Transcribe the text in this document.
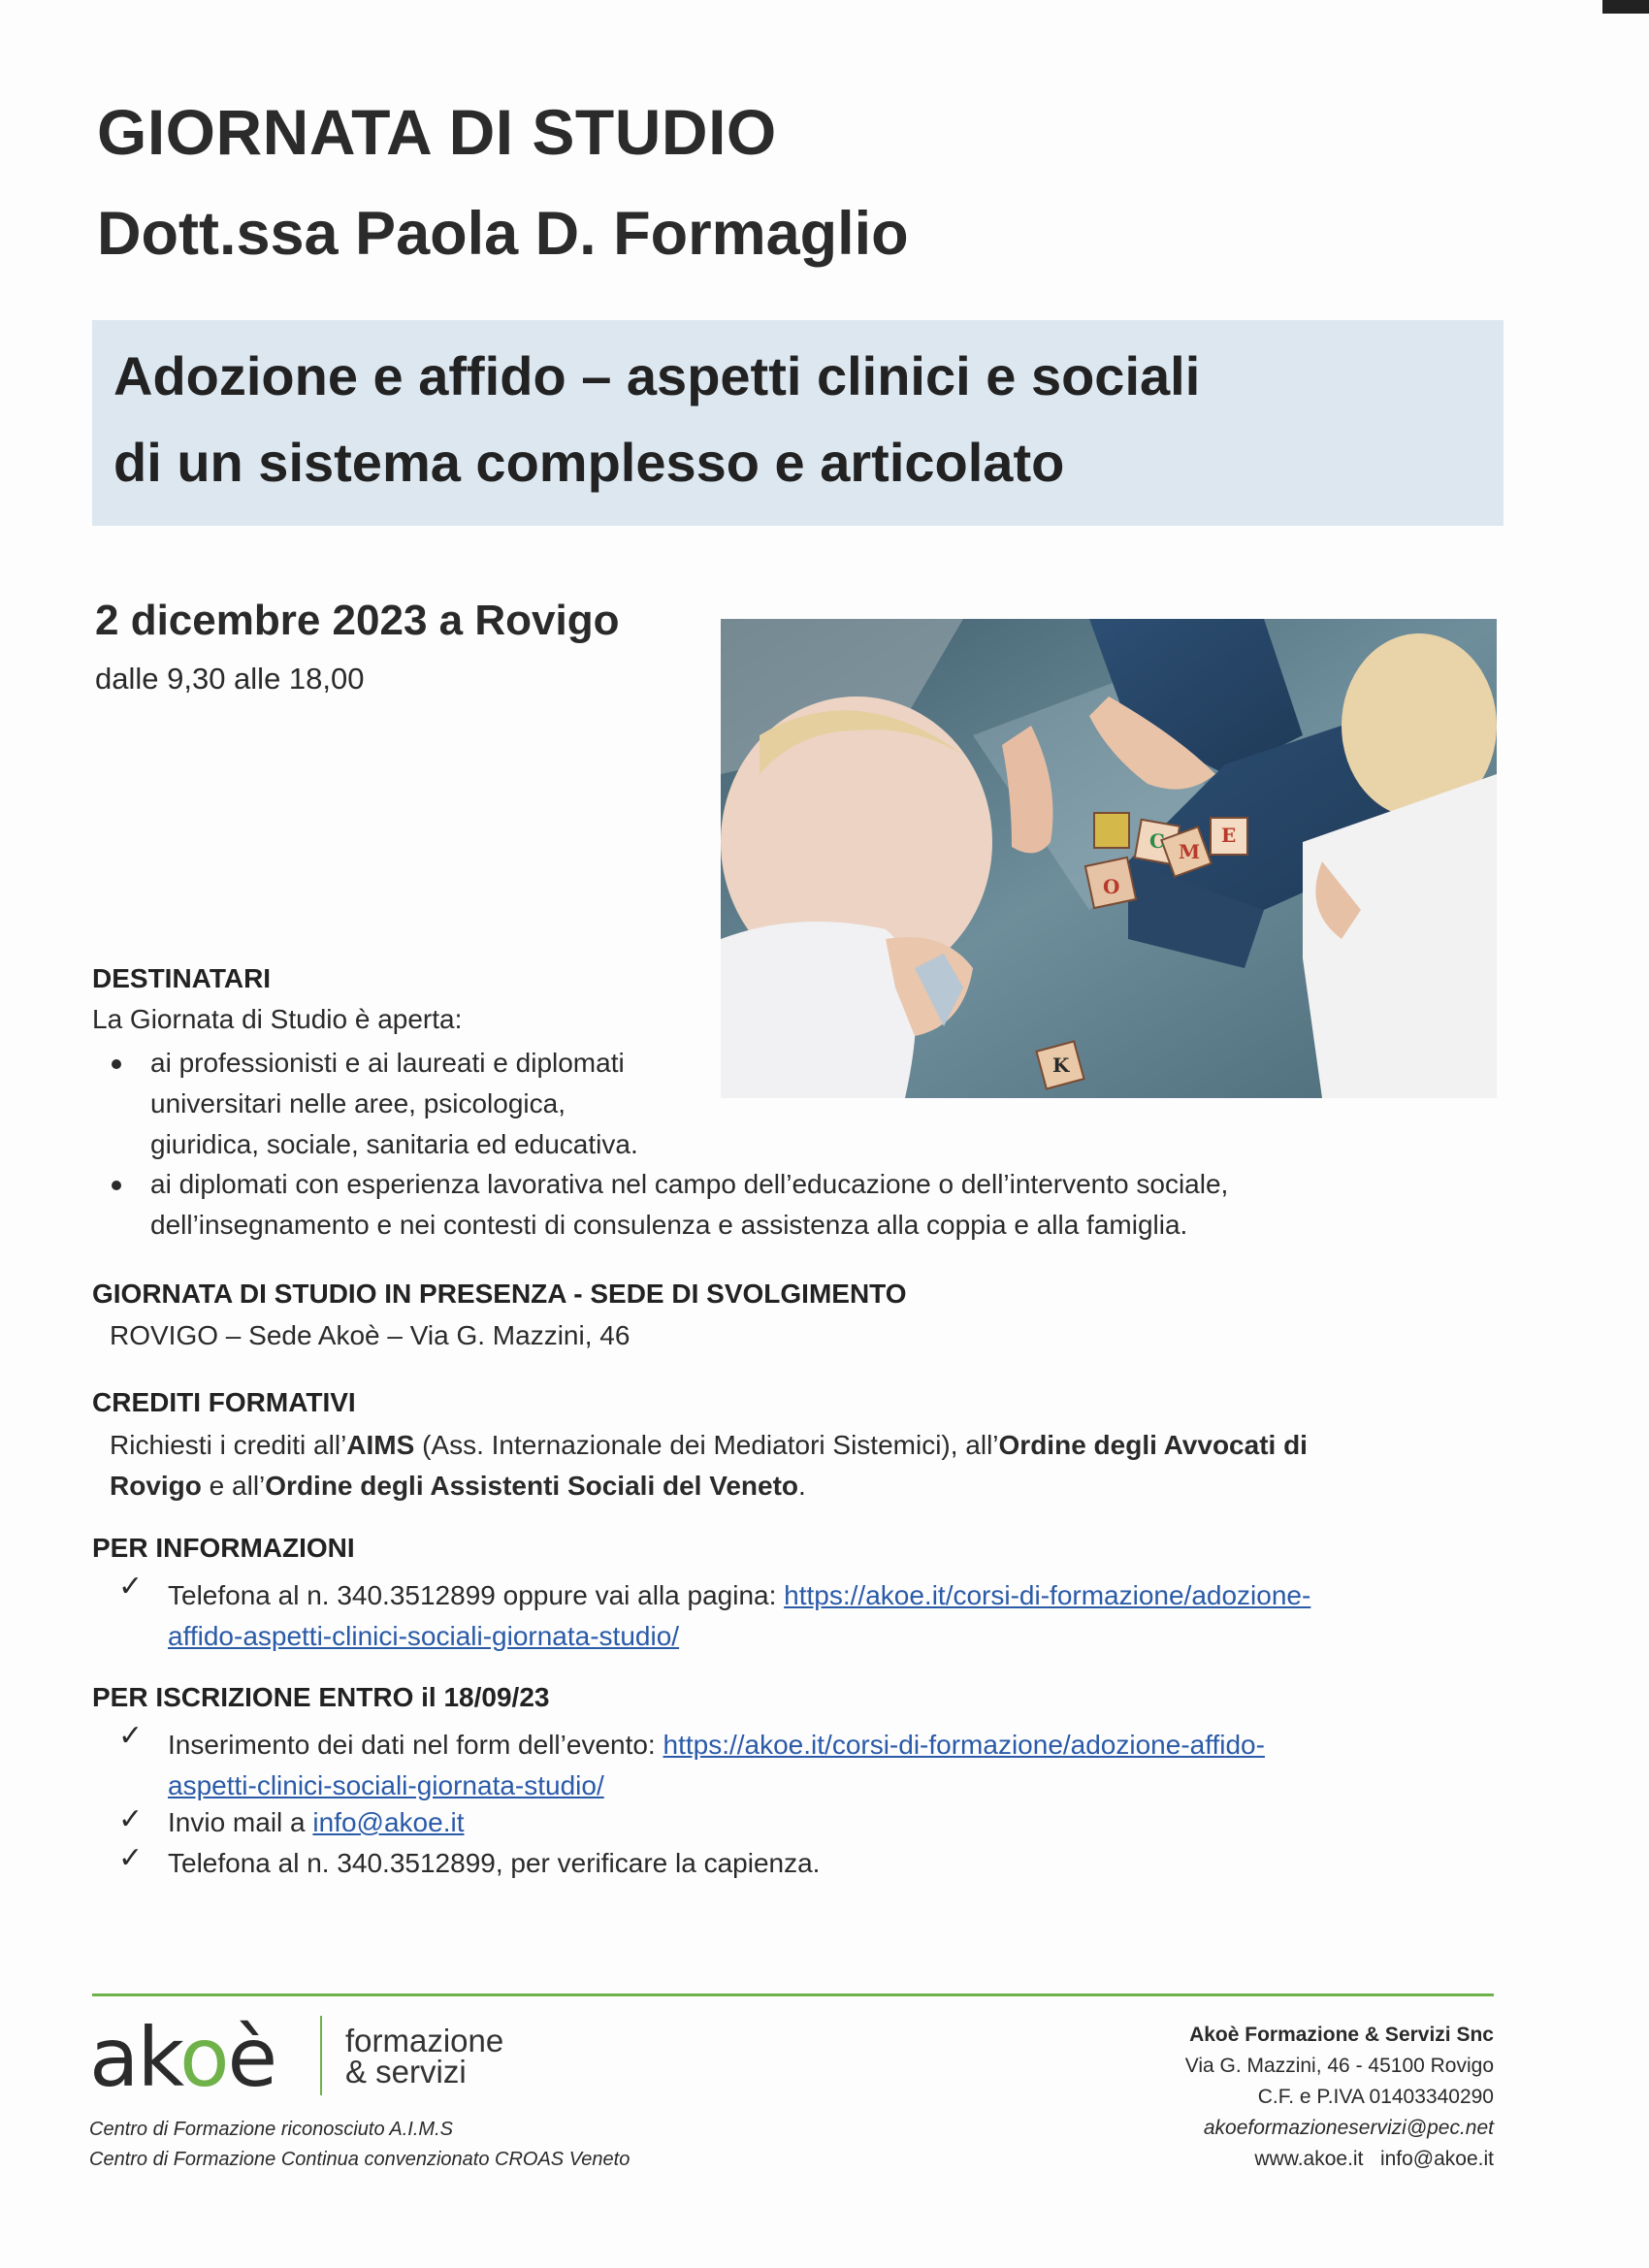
GIORNATA DI STUDIO
Dott.ssa Paola D. Formaglio
Adozione e affido – aspetti clinici e sociali
di un sistema complesso e articolato
2 dicembre 2023 a Rovigo
dalle 9,30 alle 18,00
O
M
C	E
K
DESTINATARI
La Giornata di Studio è aperta:
ai professionisti e ai laureati e diplomati
universitari nelle aree, psicologica,
giuridica, sociale, sanitaria ed educativa.
ai diplomati con esperienza lavorativa nel campo dell’educazione o dell’intervento sociale,
dell’insegnamento e nei contesti di consulenza e assistenza alla coppia e alla famiglia.
GIORNATA DI STUDIO IN PRESENZA - SEDE DI SVOLGIMENTO
ROVIGO – Sede Akoè – Via G. Mazzini, 46
CREDITI FORMATIVI
Richiesti i crediti all’AIMS (Ass. Internazionale dei Mediatori Sistemici), all’Ordine degli Avvocati di
Rovigo e all’Ordine degli Assistenti Sociali del Veneto.
PER INFORMAZIONI
✓ Telefona al n. 340.3512899 oppure vai alla pagina: https://akoe.it/corsi-di-formazione/adozione-
affido-aspetti-clinici-sociali-giornata-studio/
PER ISCRIZIONE ENTRO il 18/09/23
✓ Inserimento dei dati nel form dell’evento: https://akoe.it/corsi-di-formazione/adozione-affido-
aspetti-clinici-sociali-giornata-studio/
✓ Invio mail a info@akoe.it
✓ Telefona al n. 340.3512899, per verificare la capienza.
akoè formazione
& servizi
Centro di Formazione riconosciuto A.I.M.S
Centro di Formazione Continua convenzionato CROAS Veneto
Akoè Formazione & Servizi Snc
Via G. Mazzini, 46 - 45100 Rovigo
C.F. e P.IVA 01403340290
akoeformazioneservizi@pec.net
www.akoe.it info@akoe.it
